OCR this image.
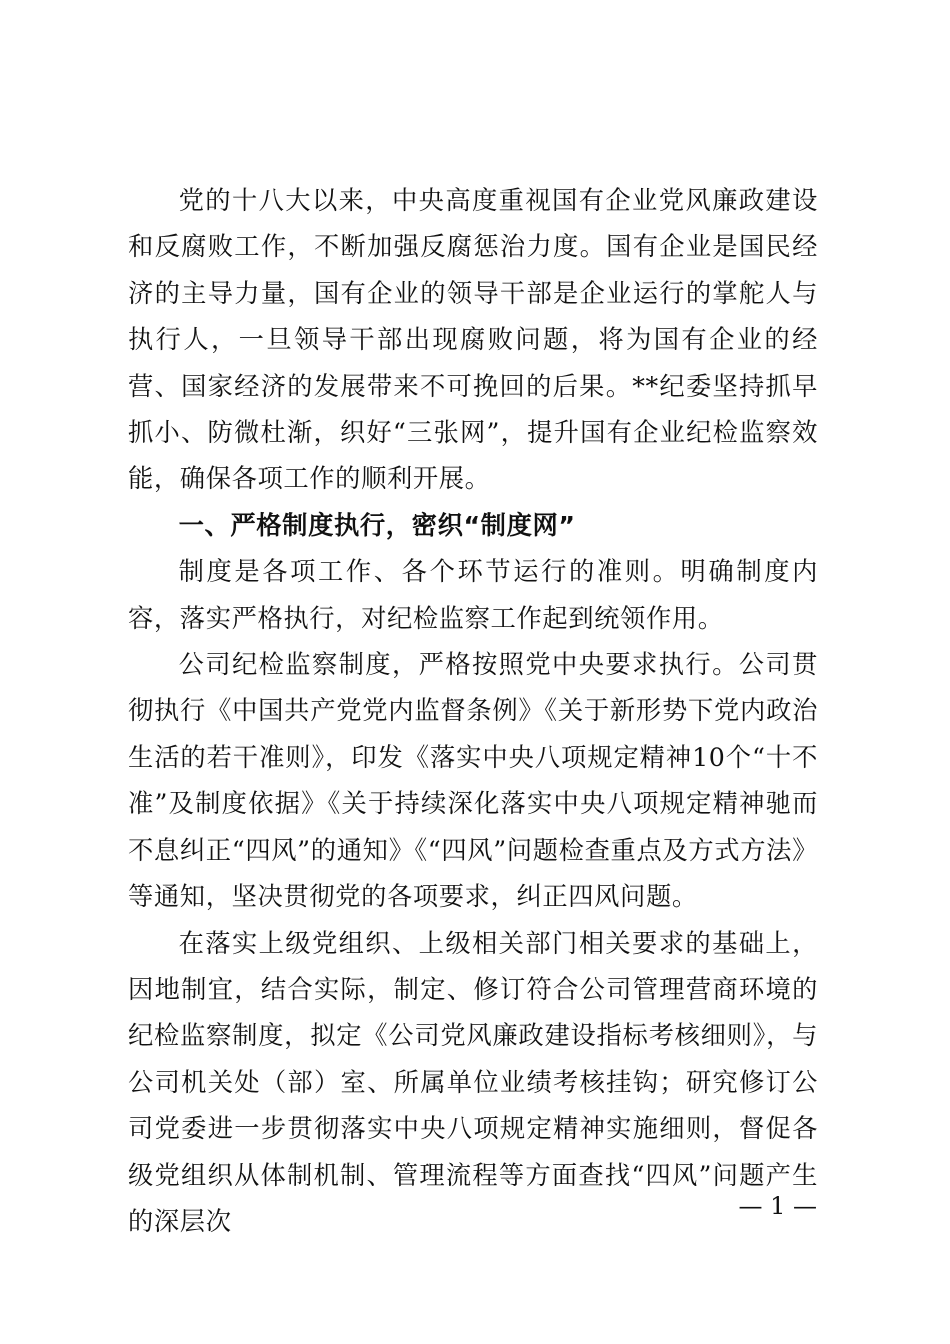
党的十八大以来，中央高度重视国有企业党风廉政建设和反腐败工作，不断加强反腐惩治力度。国有企业是国民经济的主导力量，国有企业的领导干部是企业运行的掌舵人与执行人，一旦领导干部出现腐败问题，将为国有企业的经营、国家经济的发展带来不可挽回的后果。**纪委坚持抓早抓小、防微杜渐，织好“三张网”，提升国有企业纪检监察效能，确保各项工作的顺利开展。

一、严格制度执行，密织“制度网”

制度是各项工作、各个环节运行的准则。明确制度内容，落实严格执行，对纪检监察工作起到统领作用。

公司纪检监察制度，严格按照党中央要求执行。公司贯彻执行《中国共产党党内监督条例》《关于新形势下党内政治生活的若干准则》，印发《落实中央八项规定精神10个“十不准”及制度依据》《关于持续深化落实中央八项规定精神驰而不息纠正“四风”的通知》《“四风”问题检查重点及方式方法》等通知，坚决贯彻党的各项要求，纠正四风问题。

在落实上级党组织、上级相关部门相关要求的基础上，因地制宜，结合实际，制定、修订符合公司管理营商环境的纪检监察制度，拟定《公司党风廉政建设指标考核细则》，与公司机关处（部）室、所属单位业绩考核挂钩；研究修订公司党委进一步贯彻落实中央八项规定精神实施细则，督促各级党组织从体制机制、管理流程等方面查找“四风”问题产生的深层次

— 1 —
